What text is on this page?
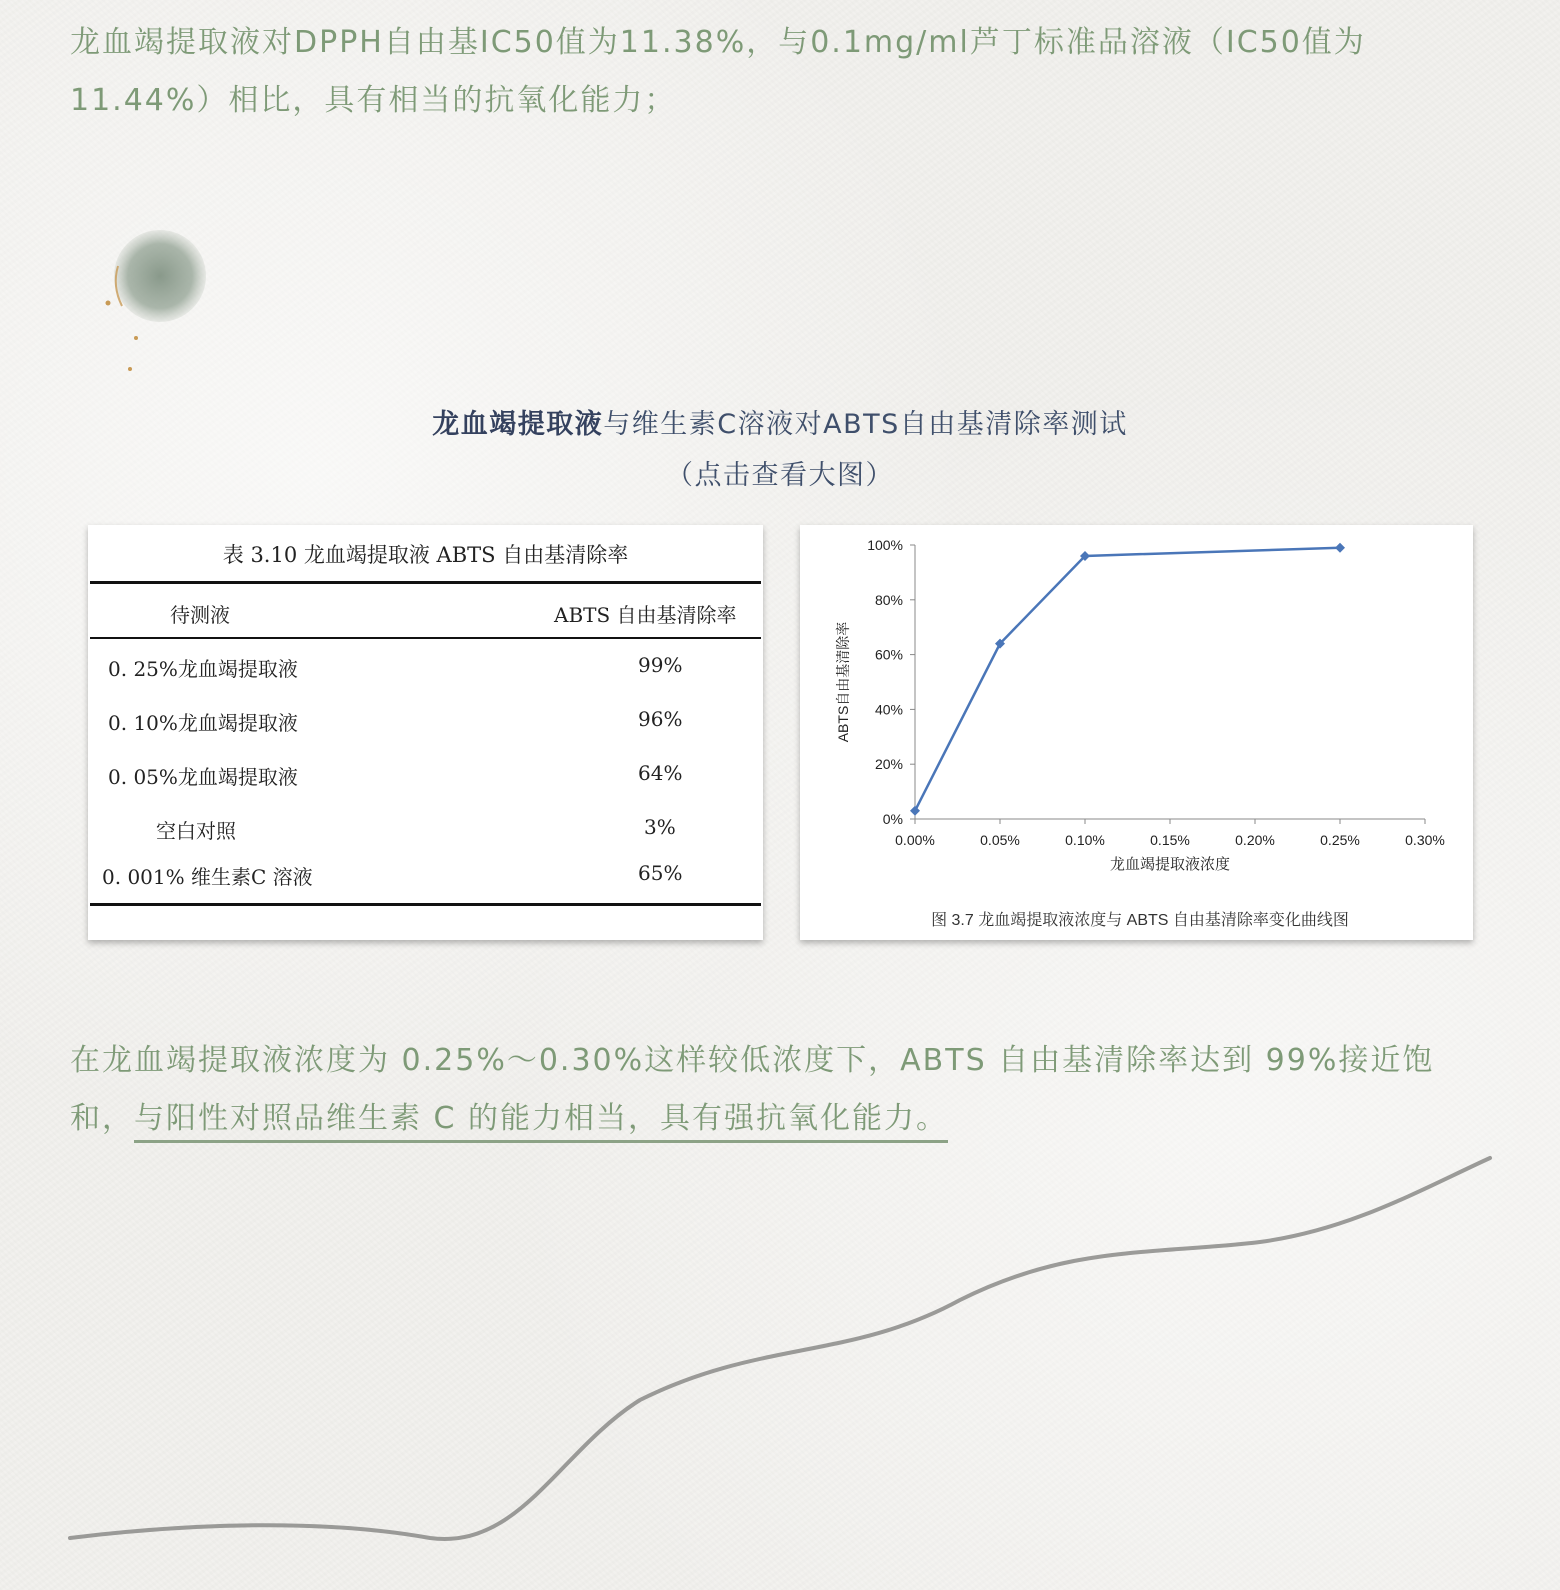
龙血竭提取液对DPPH自由基IC50值为11.38%，与0.1mg/ml芦丁标准品溶液（IC50值为11.44%）相比，具有相当的抗氧化能力；

龙血竭提取液与维生素C溶液对ABTS自由基清除率测试
（点击查看大图）
表 3.10 龙血竭提取液 ABTS 自由基清除率
待测液	ABTS 自由基清除率
0. 25%龙血竭提取液	99%
0. 10%龙血竭提取液	96%
0. 05%龙血竭提取液	64%
空白对照	3%
0. 001% 维生素C 溶液	65%
0%
20%
40%
60%
80%
100%
0.00%	0.05%	0.10%	0.15%	0.20%	0.25%	0.30%
龙血竭提取液浓度
ABTS自由基清除率
图 3.7 龙血竭提取液浓度与 ABTS 自由基清除率变化曲线图

在龙血竭提取液浓度为 0.25%～0.30%这样较低浓度下，ABTS 自由基清除率达到 99%接近饱和，与阳性对照品维生素 C 的能力相当，具有强抗氧化能力。
